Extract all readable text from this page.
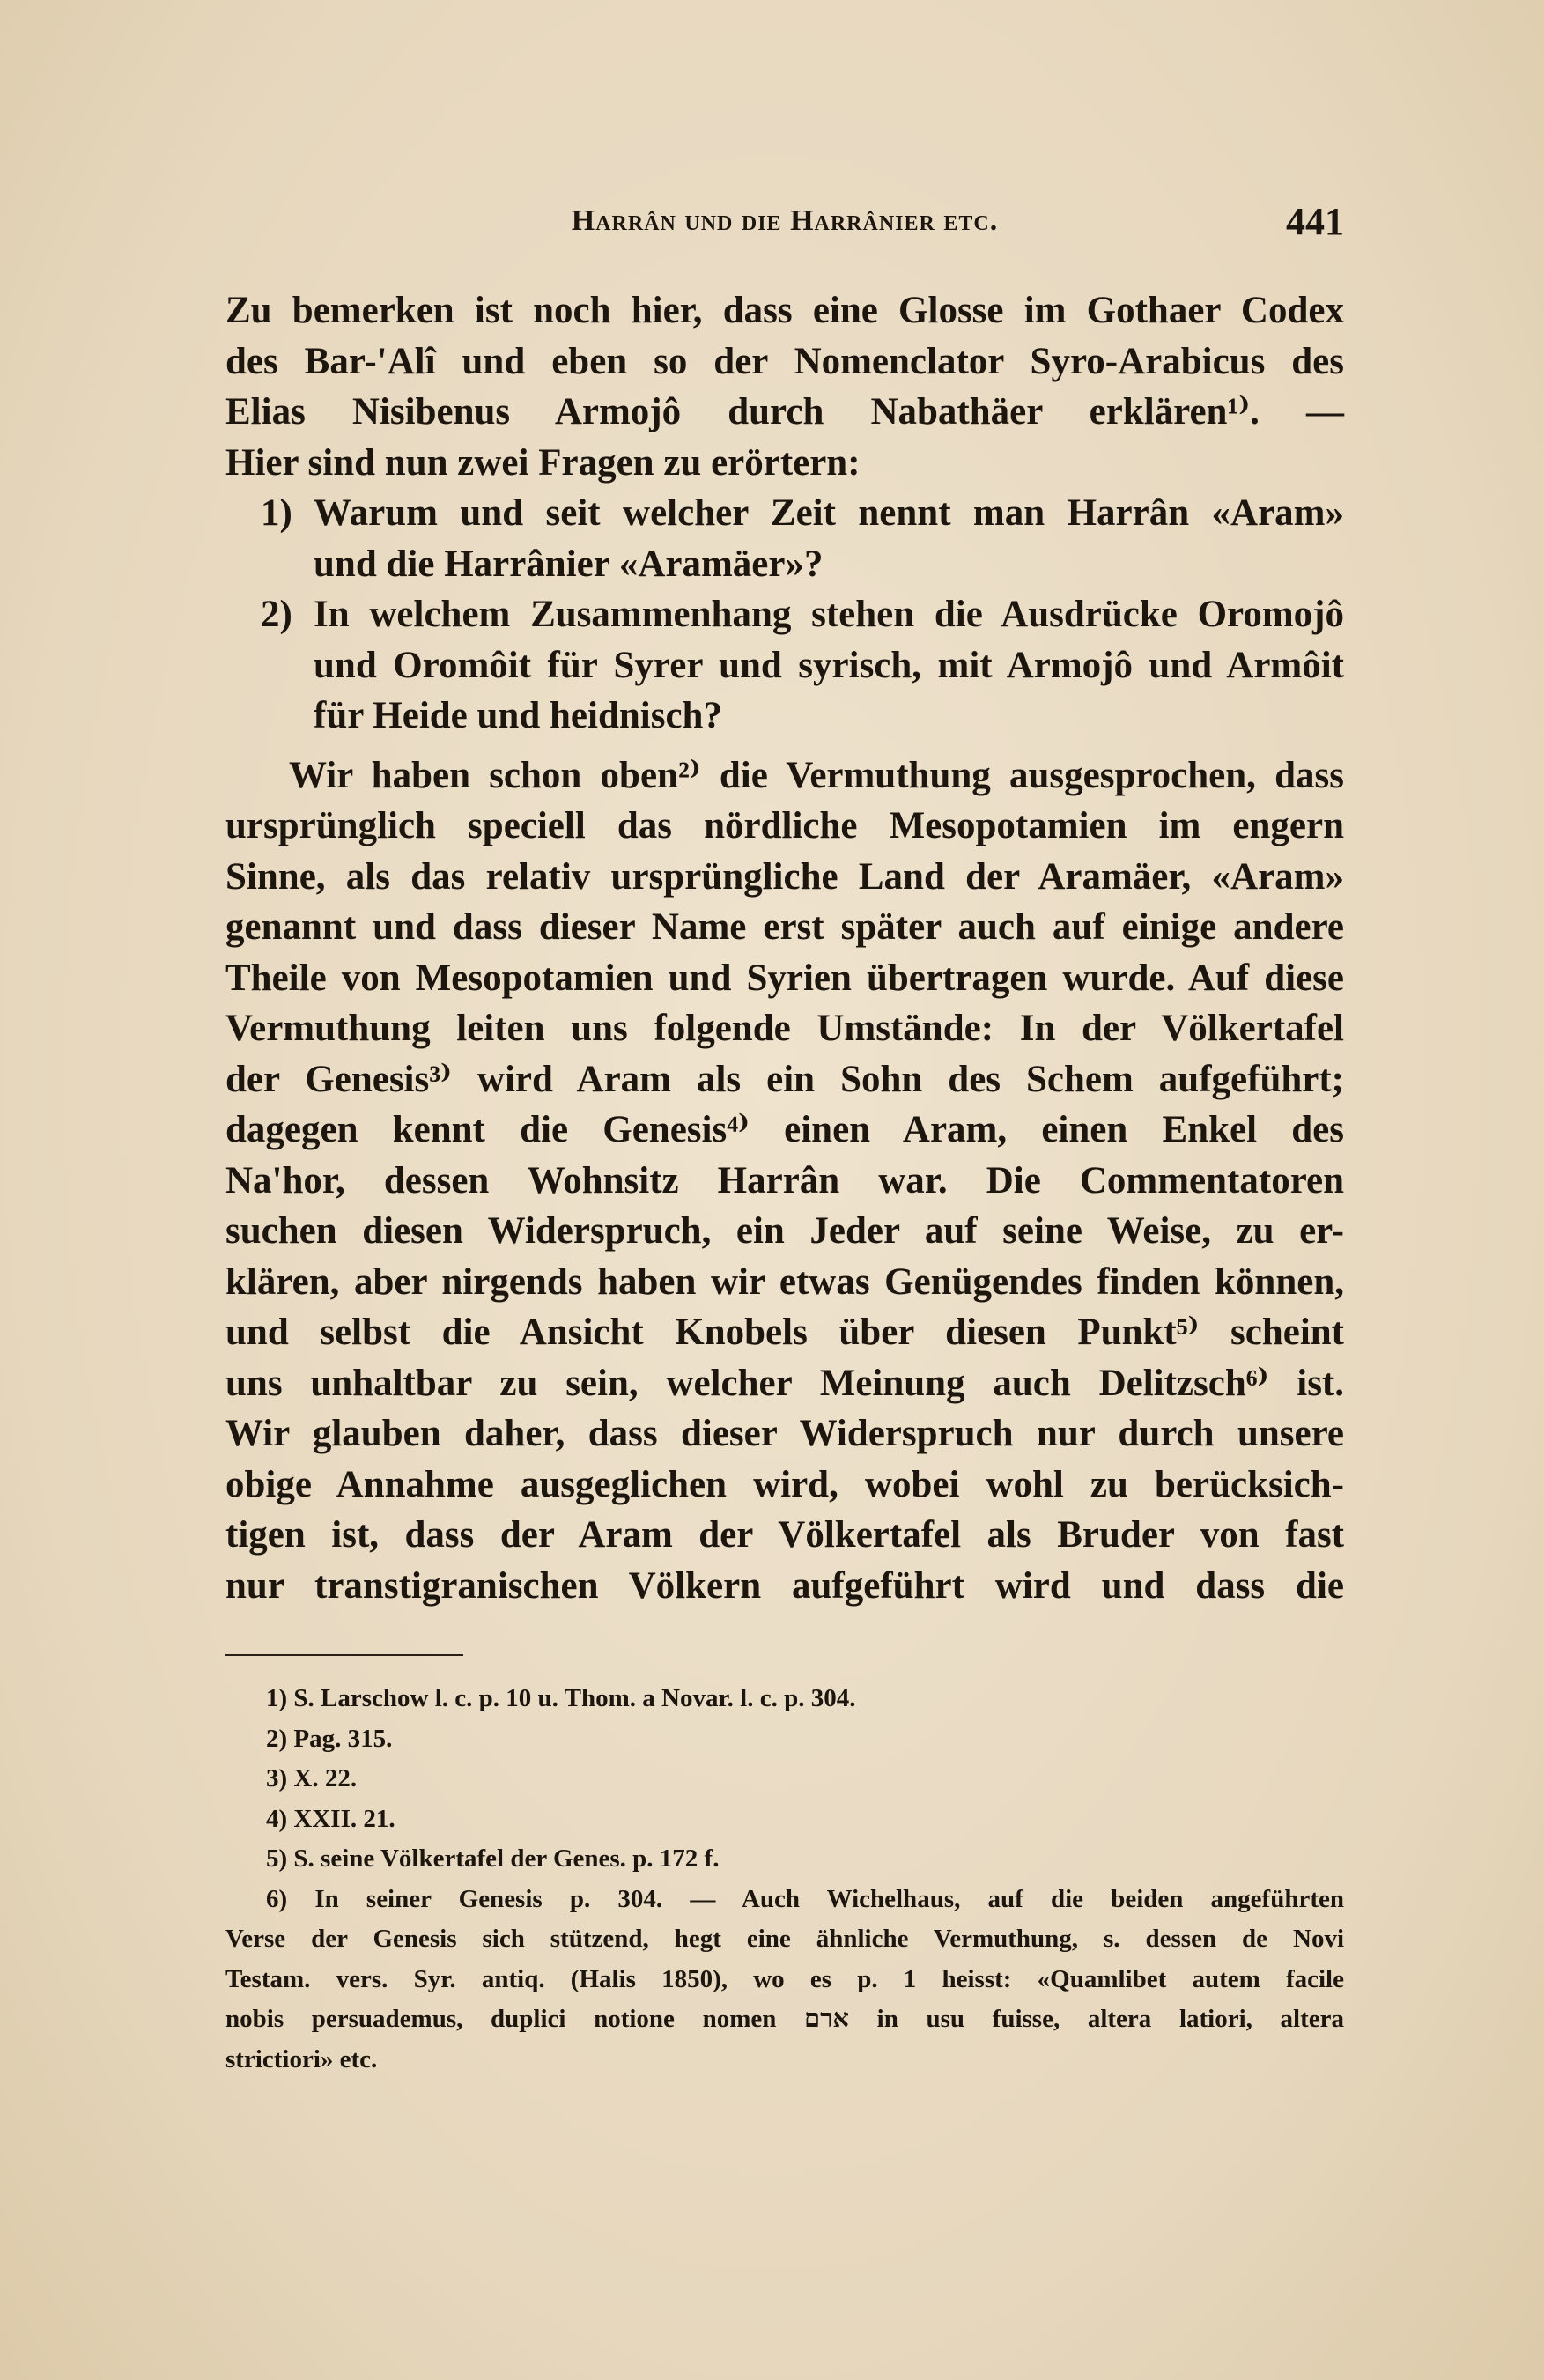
Harrân und die Harrânier etc.	441
Zu bemerken ist noch hier, dass eine Glosse im Gothaer Codex
des Bar-'Alî und eben so der Nomenclator Syro-Arabicus des
Elias Nisibenus Armojô durch Nabathäer erklären¹⁾. —
Hier sind nun zwei Fragen zu erörtern:
1) Warum und seit welcher Zeit nennt man Harrân «Aram»
und die Harrânier «Aramäer»?
2) In welchem Zusammenhang stehen die Ausdrücke Oromojô
und Oromôit für Syrer und syrisch, mit Armojô und Armôit
für Heide und heidnisch?
Wir haben schon oben²⁾ die Vermuthung ausgesprochen, dass
ursprünglich speciell das nördliche Mesopotamien im engern
Sinne, als das relativ ursprüngliche Land der Aramäer, «Aram»
genannt und dass dieser Name erst später auch auf einige andere
Theile von Mesopotamien und Syrien übertragen wurde. Auf diese
Vermuthung leiten uns folgende Umstände: In der Völkertafel
der Genesis³⁾ wird Aram als ein Sohn des Schem aufgeführt;
dagegen kennt die Genesis⁴⁾ einen Aram, einen Enkel des
Na'hor, dessen Wohnsitz Harrân war. Die Commentatoren
suchen diesen Widerspruch, ein Jeder auf seine Weise, zu er-
klären, aber nirgends haben wir etwas Genügendes finden können,
und selbst die Ansicht Knobels über diesen Punkt⁵⁾ scheint
uns unhaltbar zu sein, welcher Meinung auch Delitzsch⁶⁾ ist.
Wir glauben daher, dass dieser Widerspruch nur durch unsere
obige Annahme ausgeglichen wird, wobei wohl zu berücksich-
tigen ist, dass der Aram der Völkertafel als Bruder von fast
nur transtigranischen Völkern aufgeführt wird und dass die
1) S. Larschow l. c. p. 10 u. Thom. a Novar. l. c. p. 304.
2) Pag. 315.
3) X. 22.
4) XXII. 21.
5) S. seine Völkertafel der Genes. p. 172 f.
6) In seiner Genesis p. 304. — Auch Wichelhaus, auf die beiden angeführten
Verse der Genesis sich stützend, hegt eine ähnliche Vermuthung, s. dessen de Novi
Testam. vers. Syr. antiq. (Halis 1850), wo es p. 1 heisst: «Quamlibet autem facile
nobis persuademus, duplici notione nomen ארם in usu fuisse, altera latiori, altera
strictiori» etc.
